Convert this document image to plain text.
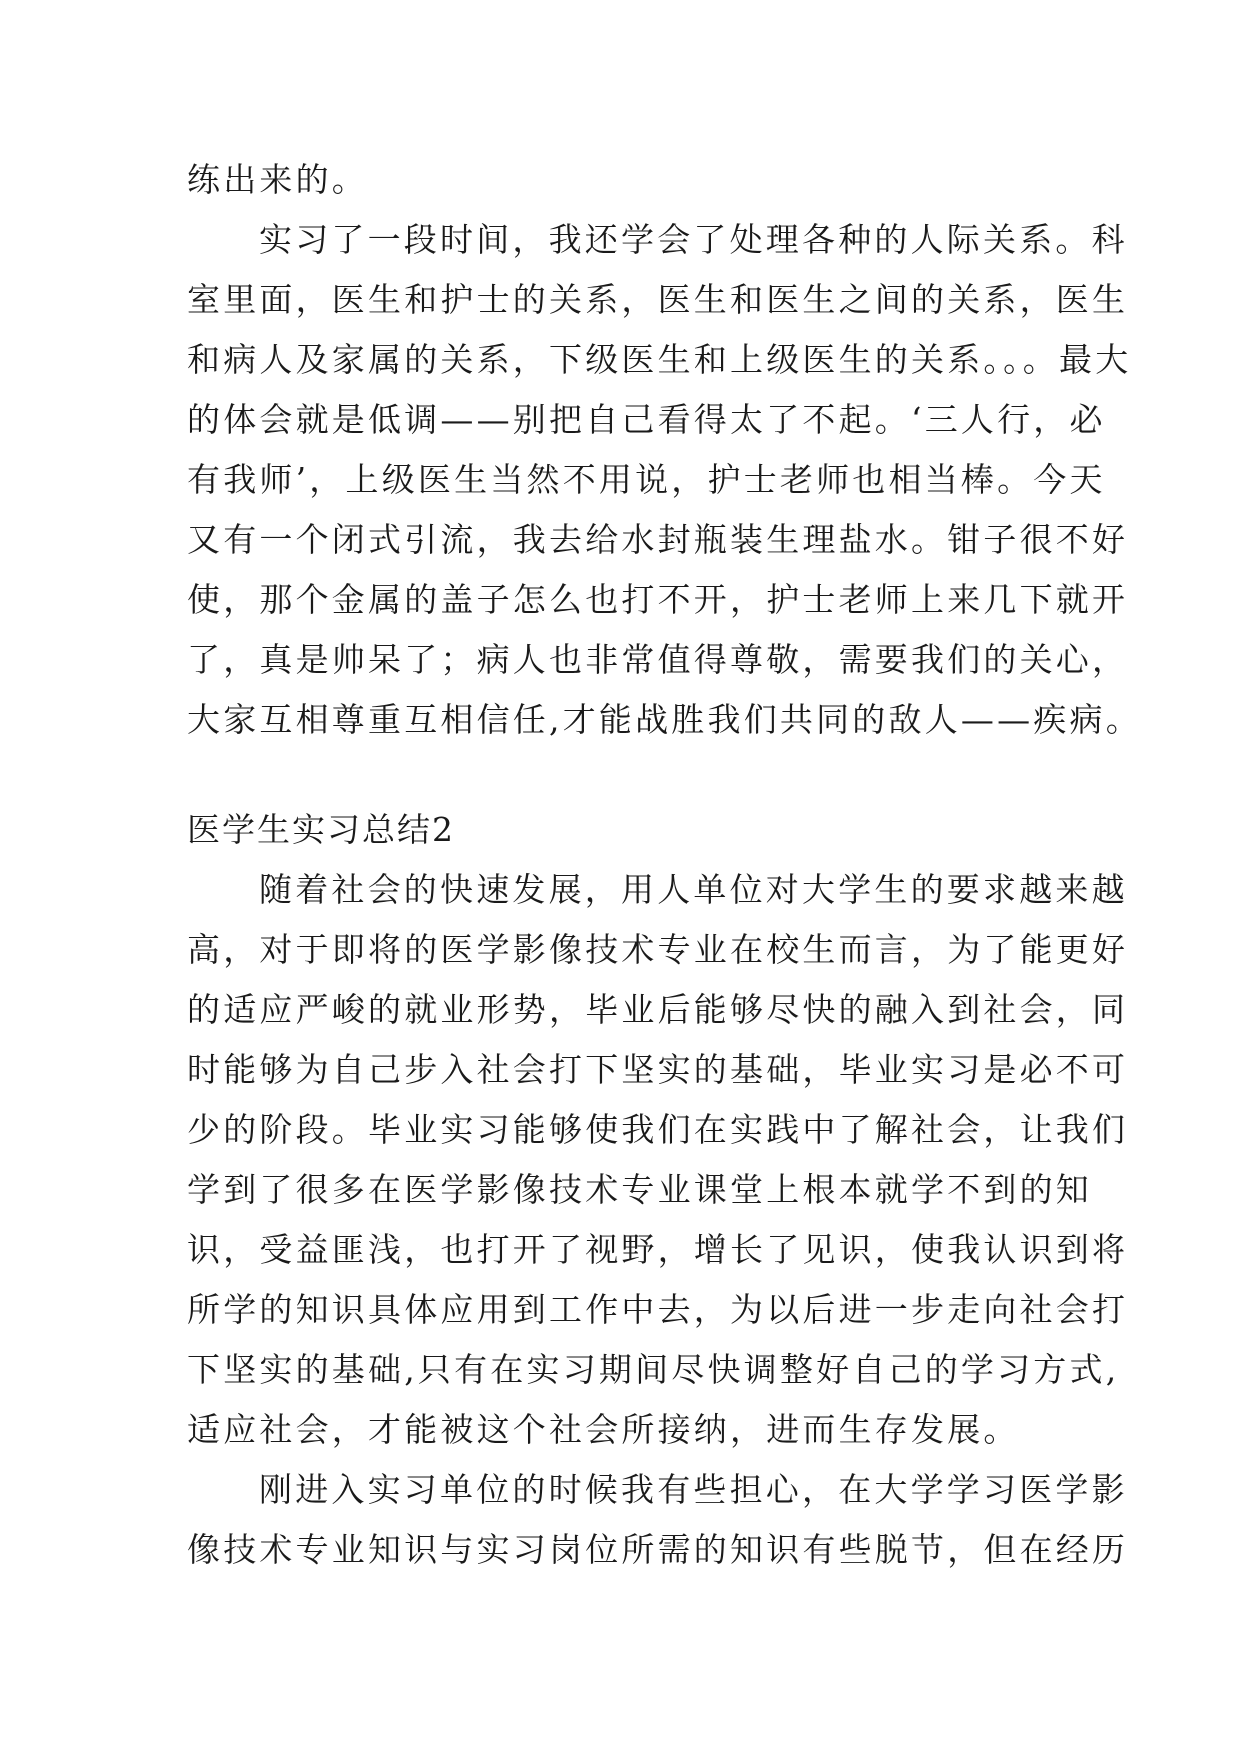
练出来的。

实习了一段时间，我还学会了处理各种的人际关系。科

室里面，医生和护士的关系，医生和医生之间的关系，医生

和病人及家属的关系，下级医生和上级医生的关系。。。最大

的体会就是低调——别把自己看得太了不起。‘三人行，必

有我师’，上级医生当然不用说，护士老师也相当棒。今天

又有一个闭式引流，我去给水封瓶装生理盐水。钳子很不好

使，那个金属的盖子怎么也打不开，护士老师上来几下就开

了，真是帅呆了；病人也非常值得尊敬，需要我们的关心，

大家互相尊重互相信任,才能战胜我们共同的敌人——疾病。

医学生实习总结2

随着社会的快速发展，用人单位对大学生的要求越来越

高，对于即将的医学影像技术专业在校生而言，为了能更好

的适应严峻的就业形势，毕业后能够尽快的融入到社会，同

时能够为自己步入社会打下坚实的基础，毕业实习是必不可

少的阶段。毕业实习能够使我们在实践中了解社会，让我们

学到了很多在医学影像技术专业课堂上根本就学不到的知

识，受益匪浅，也打开了视野，增长了见识，使我认识到将

所学的知识具体应用到工作中去，为以后进一步走向社会打

下坚实的基础,只有在实习期间尽快调整好自己的学习方式,

适应社会，才能被这个社会所接纳，进而生存发展。

刚进入实习单位的时候我有些担心，在大学学习医学影

像技术专业知识与实习岗位所需的知识有些脱节，但在经历
